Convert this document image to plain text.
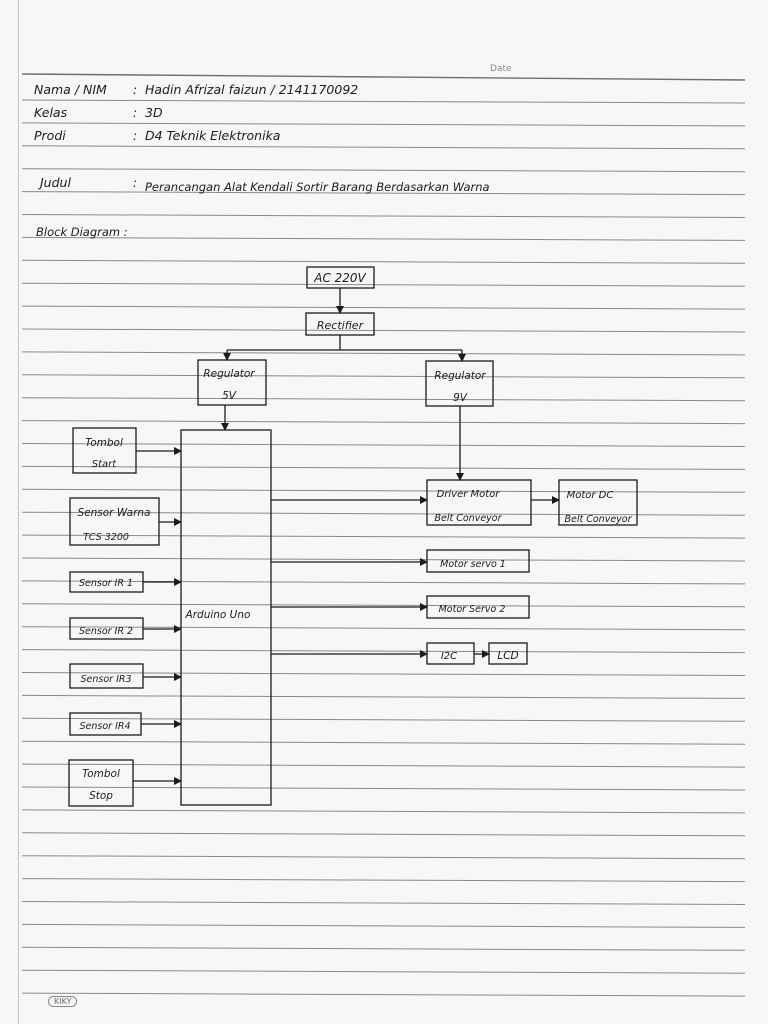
Date
Nama / NIM : Hadin Afrizal faizun / 2141170092
Kelas	: 3D
Prodi	: D4 Teknik Elektronika
Judul	: Perancangan Alat Kendali Sortir Barang Berdasarkan Warna
Block Diagram :
AC 220V
Rectifier
Regulator
5V
Regulator
9V
Arduino Uno
Tombol
Start
Sensor Warna
TCS 3200
Sensor IR 1
Sensor IR 2
Sensor IR3
Sensor IR4
Tombol
Stop
Driver Motor
Belt Conveyor
Motor DC
Belt Conveyor
Motor servo 1
Motor Servo 2
I2C	LCD
KIKY
